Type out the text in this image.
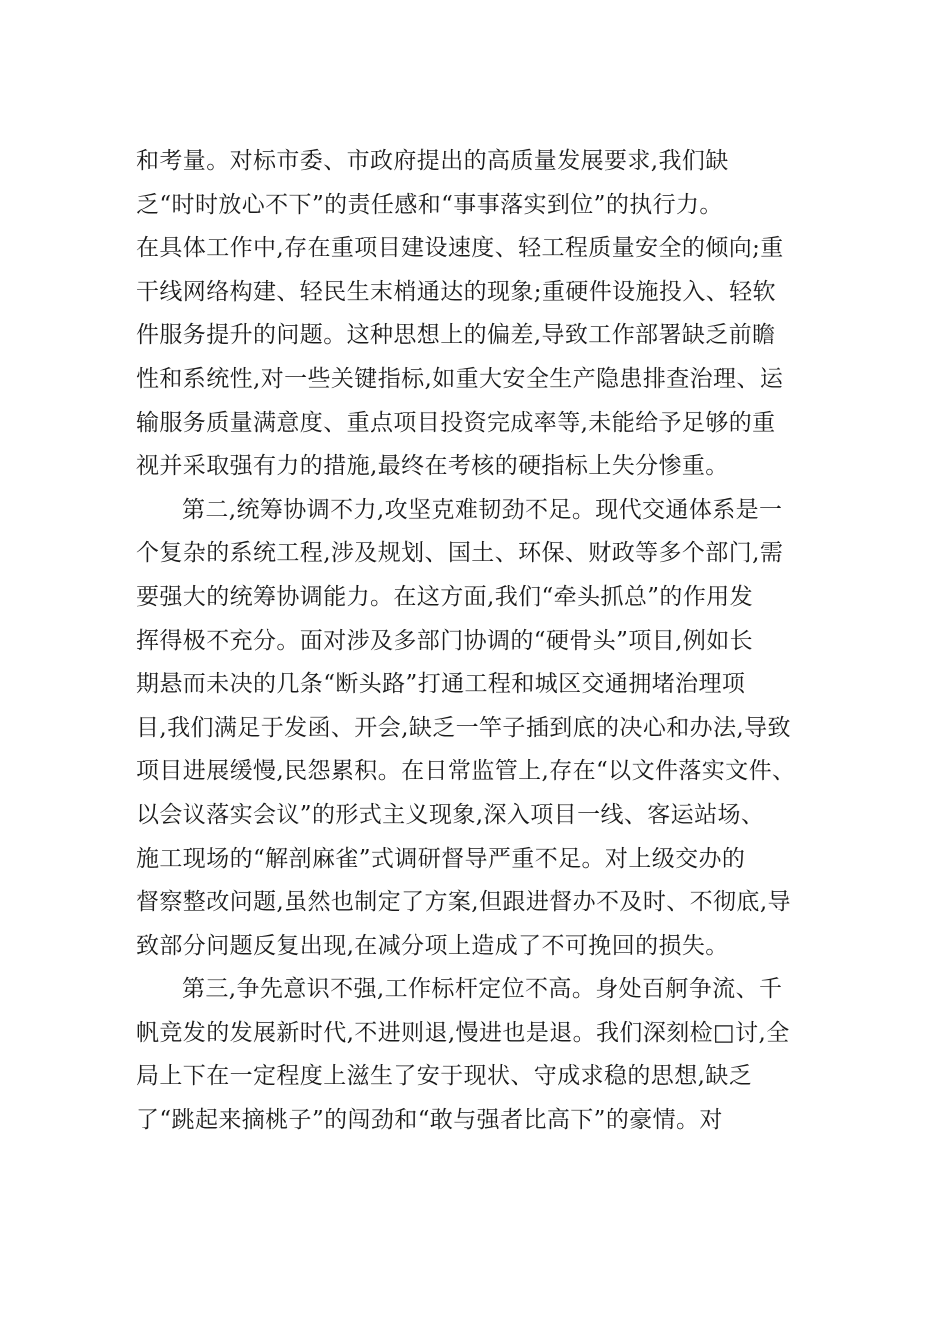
和考量。对标市委、市政府提出的高质量发展要求,我们缺
乏“时时放心不下”的责任感和“事事落实到位”的执行力。
在具体工作中,存在重项目建设速度、轻工程质量安全的倾向;重
干线网络构建、轻民生末梢通达的现象;重硬件设施投入、轻软
件服务提升的问题。这种思想上的偏差,导致工作部署缺乏前瞻
性和系统性,对一些关键指标,如重大安全生产隐患排查治理、运
输服务质量满意度、重点项目投资完成率等,未能给予足够的重
视并采取强有力的措施,最终在考核的硬指标上失分惨重。
第二,统筹协调不力,攻坚克难韧劲不足。现代交通体系是一
个复杂的系统工程,涉及规划、国土、环保、财政等多个部门,需
要强大的统筹协调能力。在这方面,我们“牵头抓总”的作用发
挥得极不充分。面对涉及多部门协调的“硬骨头”项目,例如长
期悬而未决的几条“断头路”打通工程和城区交通拥堵治理项
目,我们满足于发函、开会,缺乏一竿子插到底的决心和办法,导致
项目进展缓慢,民怨累积。在日常监管上,存在“以文件落实文件、
以会议落实会议”的形式主义现象,深入项目一线、客运站场、
施工现场的“解剖麻雀”式调研督导严重不足。对上级交办的
督察整改问题,虽然也制定了方案,但跟进督办不及时、不彻底,导
致部分问题反复出现,在减分项上造成了不可挽回的损失。
第三,争先意识不强,工作标杆定位不高。身处百舸争流、千
帆竞发的发展新时代,不进则退,慢进也是退。我们深刻检□讨,全
局上下在一定程度上滋生了安于现状、守成求稳的思想,缺乏
了“跳起来摘桃子”的闯劲和“敢与强者比高下”的豪情。对
